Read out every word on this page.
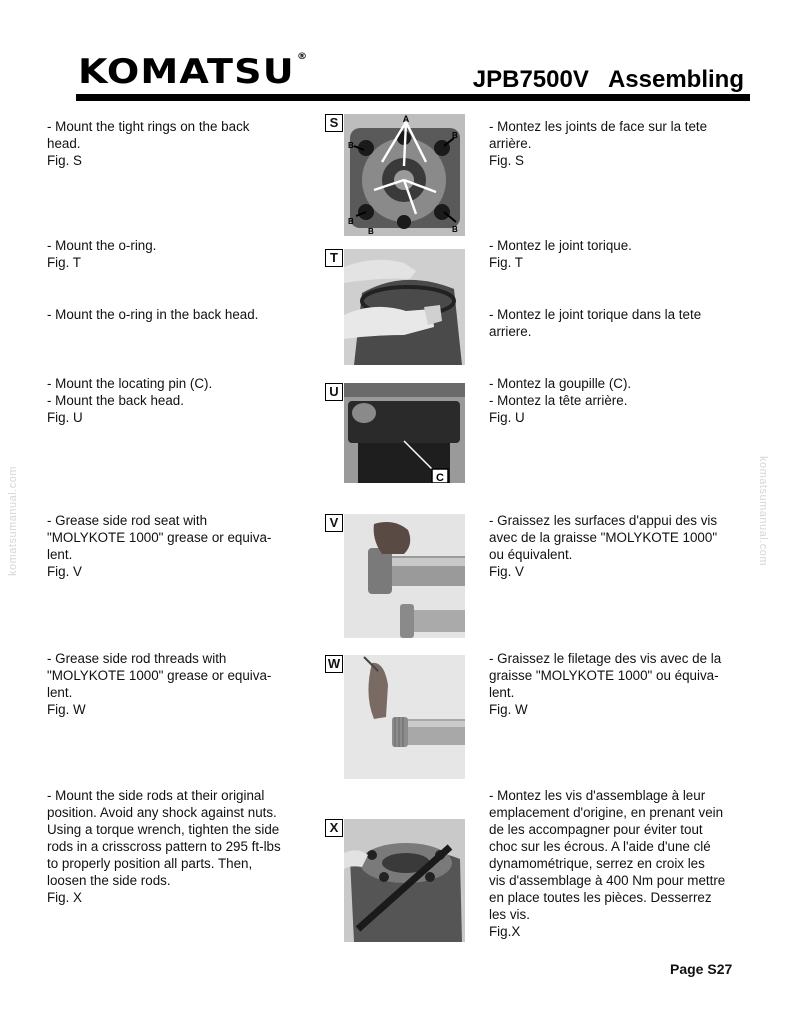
KOMATSU ®
JPB7500V   Assembling
komatsumanual.com	komatsumanual.com
- Mount the tight rings on the back
head.
Fig. S
- Montez les joints de face sur la tete
arrière.
Fig. S
S	A
B
B
B
B
B
- Mount the o-ring.
Fig. T
- Montez le joint torique.
Fig. T
- Mount the o-ring in the back head.	- Montez le joint torique dans la tete
arriere.
T
- Mount the locating pin (C).
- Mount the back head.
Fig. U
- Montez la goupille (C).
- Montez la tête arrière.
Fig. U
U
C
- Grease side rod seat with
"MOLYKOTE 1000" grease or equiva-
lent.
Fig. V
- Graissez les surfaces d'appui des vis
avec de la graisse "MOLYKOTE 1000"
ou équivalent.
Fig. V
V
- Grease side rod threads with
"MOLYKOTE 1000" grease or equiva-
lent.
Fig. W
- Graissez le filetage des vis avec de la
graisse "MOLYKOTE 1000" ou équiva-
lent.
Fig. W
W
- Mount the side rods at their original
position. Avoid any shock against nuts.
Using a torque wrench, tighten the side
rods in a crisscross pattern to 295 ft-lbs
to properly position all parts. Then,
loosen the side rods.
Fig. X
- Montez les vis d'assemblage à leur
emplacement d'origine, en prenant vein
de les accompagner pour éviter tout
choc sur les écrous. A l'aide d'une clé
dynamométrique, serrez en croix les
vis d'assemblage à 400 Nm pour mettre
en place toutes les pièces. Desserrez
les vis.
Fig.X
X
Page S27
